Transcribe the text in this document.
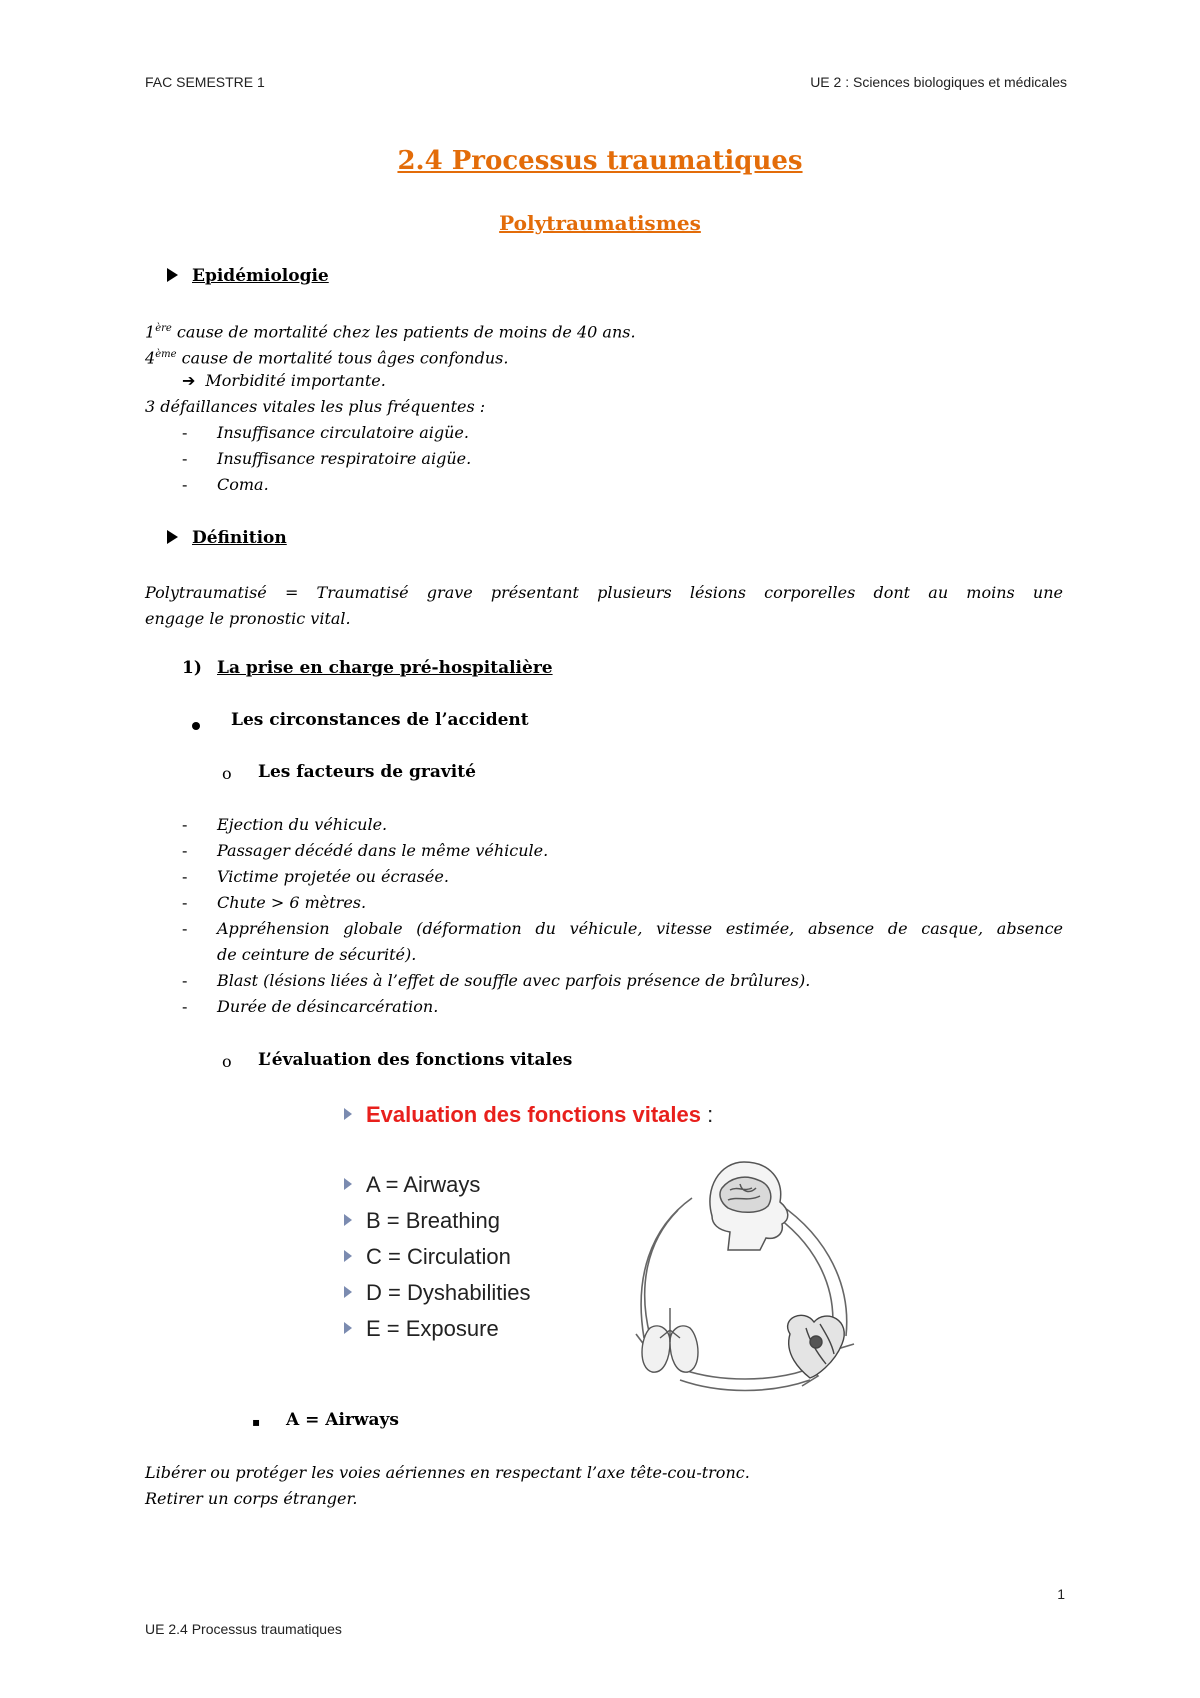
FAC SEMESTRE 1	UE 2 : Sciences biologiques et médicales
2.4 Processus traumatiques
Polytraumatismes
Epidémiologie
1ère cause de mortalité chez les patients de moins de 40 ans.
4ème cause de mortalité tous âges confondus.
➔ Morbidité importante.
3 défaillances vitales les plus fréquentes :
- Insuffisance circulatoire aigüe.
- Insuffisance respiratoire aigüe.
- Coma.
Définition
Polytraumatisé = Traumatisé grave présentant plusieurs lésions corporelles dont au moins une
engage le pronostic vital.
1) La prise en charge pré-hospitalière
Les circonstances de l’accident
o Les facteurs de gravité
- Ejection du véhicule.
- Passager décédé dans le même véhicule.
- Victime projetée ou écrasée.
- Chute > 6 mètres.
- Appréhension globale (déformation du véhicule, vitesse estimée, absence de casque, absence
de ceinture de sécurité).
- Blast (lésions liées à l’effet de souffle avec parfois présence de brûlures).
- Durée de désincarcération.
o L’évaluation des fonctions vitales
Evaluation des fonctions vitales :
A = Airways
B = Breathing
C = Circulation
D = Dyshabilities
E = Exposure
▪ A = Airways
Libérer ou protéger les voies aériennes en respectant l’axe tête-cou-tronc.
Retirer un corps étranger.
1
UE 2.4 Processus traumatiques
